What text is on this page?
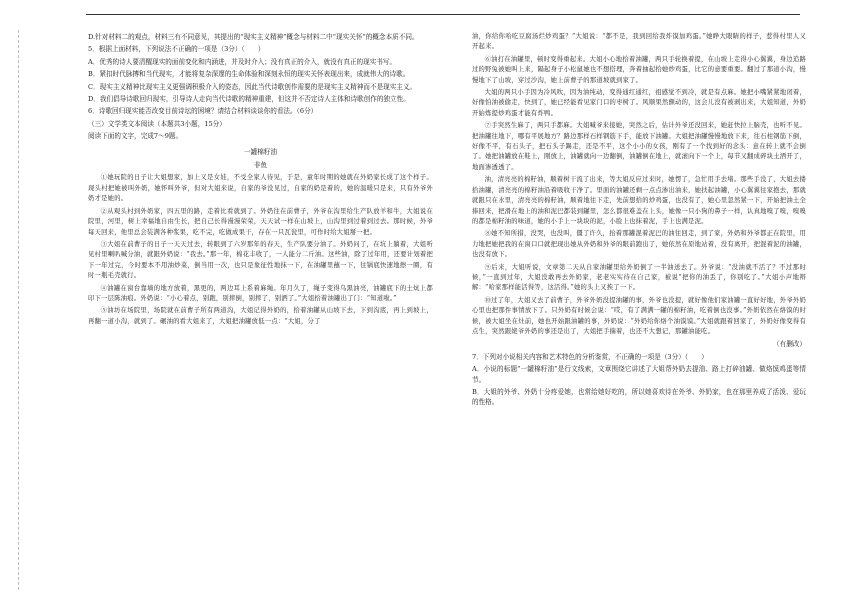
D.针对材料二的观点，材料三有不同意见，其提出的“现实主义精神”概念与材料二中“现实关怀”的概念本质不同。

5．根据上面材料，下列说法不正确的一项是（3分）（　　）

A．优秀的诗人要清醒现实的面前变化和内涵进，并及时介入；没有真正的介入，就没有真正的现实书写。

B．紧扣时代脉搏和当代现实，才能将复杂深邃的生命体验和深刻永恒的现实关怀表现出来，成就伟大的诗歌。

C．现实主义精神比现实主义更强调积极介入的姿态，因此当代诗歌创作需要的是现实主义精神而不是现实主义。

D．我们倡导诗歌回归现实，引导诗人走向当代诗歌的精神重建，但这并不否定诗人主体和诗歌创作的独立性。

6．诗歌回归现实能否改变目前诗坛的困境？请结合材料谈谈你的看法。（6分）

（三）文学类文本阅读（本题共3小题，15分）

阅读下面的文字，完成7～9题。

一罐棉籽油

非鱼

①她玩院的日子让大姐想家，加上又是女娃，不受全家人待见，于是，童年时期的她就在外奶家长成了这个样子。现头村把她被叫外奶，她怀叫外爷，但对大姐来说，自家的爷没见过，自家的奶是着的，她的温暖只是来，只有外爷外奶才是她的。

②从观头村到外奶家，四五里的路，走着比看就到了。外奶往在前曹子，外爷在沟里给生产队放羊和牛，大姐说在院里，河里，树上幸福地自由生长，把自己长得漫漫荣荣，天天试一样在山坡上，山沟里到过着到过去。那时候，外爷每天回来，他里总会装满各种浆果，吃不完，吃做成果干，存在一只瓦瓮里，可作时给大姐掰一把。

③大姐在前曹子的日子一天天过去，转眼到了六岁那年的春天，生产队要分油了。外奶问了，在坑上躺着，大姐听见村里喇叭喊分油，就跟外奶说：“我去。”那一年，棉花丰收了，一人能分二斤油。这些油，除了过年用，还要计划着把下一年过完，今时要本不用油炒菜，倒当用一次，也只是象征性地抹一下，在油罐里蘸一下，往锅底快速地擦一圈，有时一瓶毛壳就行。

④油罐在窗台靠墙的地方放着，黑更的，两边耳上系着麻绳。年月久了，绳子变得乌黑油亮，油罐底下的土炕上都印下一层陈油痕。外奶说：“小心着点，别跑，别摔倒，别摔了，别洒了。”大姐拾着油罐出了门：“知道啦。”

⑤油坊在场院里，场院就在前曹子所有两道沟，大姐记得外奶的，拾着油罐从山坡下去，下到沟底，再上到坡上，再翻一道小沟，就到了。碾油的看大姐来了，大姐把油罐放低一点：“大姐，分了

油，你给你哈吃豆腐汤烂炒鸡蛋？”大姐说：“都不是，我到回给我炸馍加鸡蛋。”她睁大眼睛的样子，惹得村里人又开起来。

⑥油打在油罐里，顿时变得重起来。大姐小心地拾着油罐，两只手轮换着提，在山坡上走得小心翼翼，身边追路过的野兔被她叫上来，隔起身子小松鼠她也不想搭理，奔着抽起拾她炒鸡蛋，比它的意要重要。翻过了那道小沟，慢慢地下了山坡，穿过沙沟，她上前曹子的那道坡就到家了。

大姐的两只小手因为冷风吹，因为油纯动，变得通红通红，祖感觉不到冷，就是有点麻。她把小嘴紧紧地闭着，好像怕油被偷走，快到了，她已经能看见家门口的枣树了。风顺果然颤动的，这会儿没有被剥出来，大姐知道，外奶开始炼提炒鸡蛋才能有炸鸭。

⑦手突然生麻了，两只手都麻。大姐喊爷来接她，突然之后，估计外爷还没回来，她赶快拉上脑壳，也听不见。把油罐往地下，哪有平展地方？路边那样石样钢筋下手，能放下油罐。大姐把油罐慢慢地放下来，往石柱钢筋下倒，好像不平，有石头子，把石头子踢走，还是不平，这个小小的女孩，刚有了一个找到好的念头：意在转上就不会倒了。她把油罐放在鞋上，刚放上，油罐就向一边翻倒，油罐倒在地上，就滚向下一个上，每节又翻成碎块土洒开了，地面渗透透了。

油，清亮亮的棉籽油，顺着树干流了出来，等大姐反应过来时，她愣了，急忙用手去堵。那些手没了，大姐去搂拾油罐，清亮亮的棉籽油沿着吸收干净了。里面的油罐还剩一点点渗出油来，她扶起油罐，小心翼翼往家抱去，那就就跟只在水里，清亮亮的棉籽油，顺着地往下走，先前想拾的炒鸡蛋，也没有了，她心里忽然紧一下，开始把油土全捧回来，把滑在地上的油和泥巴都装到罐里，怎么都很难盖在上头，她像一只小狗的鼻子一样，认真地嗅了嗅，嗅嗅的都是棉籽油的味道，她的小手上一块块的泥，小脸上也抹着泥，手上也满是泥。

⑧她不知所措，没哭，也没叫，僵了许久，抬着那罐混着泥巴的油往回走，到了家，外奶和外爷都正在院里，用力地把她把我的在窗口口就把现出她从外奶和外爷的眼前跑出了，她依然在原地站着，没有离开，把混着泥的油罐，也没有放下。

⑨后来，大姐听说，文章第二天从自家油罐里给外奶倒了一半油送去了。外爷说：“没油就不活了？不过那时候，”一直到过年，大姐没敢再去外奶家，老老实实待在自己家，被说“把你的油丢了，你别吃了。”大姐小声地辩解：“哈家那样能活得等，这活得。”她的头上又挨了一下。

⑩过了年，大姐又去了前曹子，外爷外奶没提油罐的事，外爷也没提，就好像他们家油罐一直好好地，外爷外奶心里也把那件事情放下了。只外奶有时候会说：“哎，有了满满一罐的棉籽油，吃着倒也没事。”外奶依然在烙馍的时候，被大姐坐在灶前，她也开始跟油罐的事，外奶说：“外奶给你烙个油馍馍。”大姐就跟着回家了，外奶好像变得有点生，突然跟姥爷外奶的事还是出了，大姐把手揣着，也还不大想记，那罐油能吃。

（有删改）

7．下列对小说相关内容和艺术特色的分析鉴赏，不正确的一项是（3分）（　　）

A．小说的标题“一罐棉籽油”是行文线索，文章围绕它讲述了大姐帮外奶去提油、路上打碎油罐、做烙馍鸡蛋等情节。

B．大姐的外爷、外奶十分疼爱她，也常给她好吃的，所以她喜欢待在外爷、外奶家，也在那里养成了活泼、爱玩的性格。
